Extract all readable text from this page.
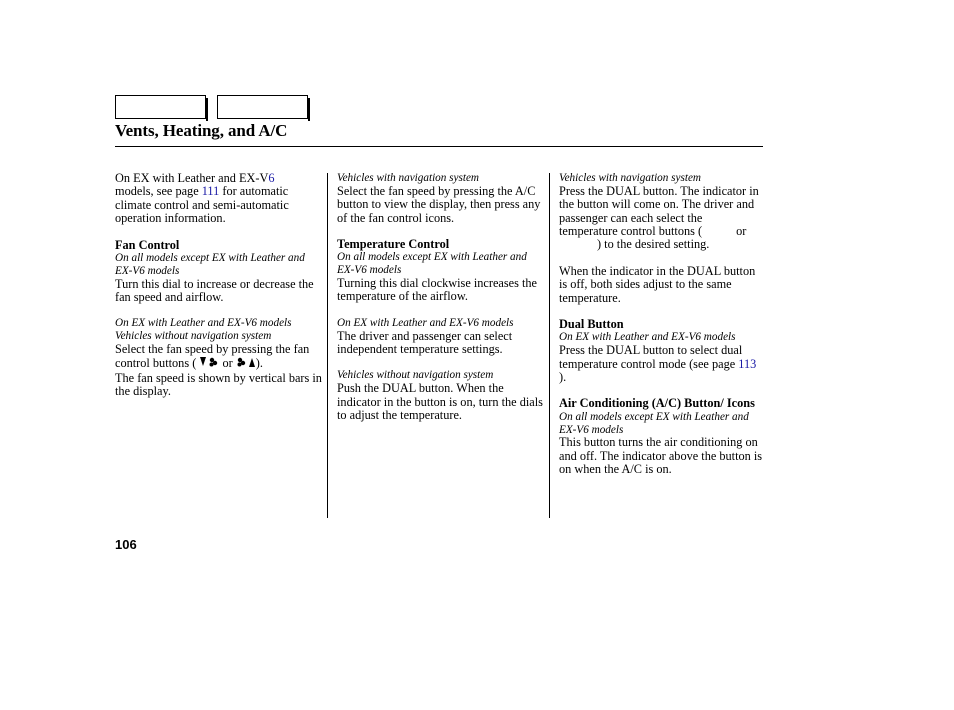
Vents, Heating, and A/C

On EX with Leather and EX-V6
models, see page 111 for automatic climate control and semi-automatic operation information.

Fan Control

On all models except EX with Leather and EX-V6 models

Turn this dial to increase or decrease the fan speed and airflow.

On EX with Leather and EX-V6 models
Vehicles without navigation system

Select the fan speed by pressing the fan control buttons (  or ).

The fan speed is shown by vertical bars in the display.

Vehicles with navigation system

Select the fan speed by pressing the A/C button to view the display, then press any of the fan control icons.

Temperature Control

On all models except EX with Leather and EX-V6 models

Turning this dial clockwise increases the temperature of the airflow.

On EX with Leather and EX-V6 models

The driver and passenger can select independent temperature settings.

Vehicles without navigation system

Push the DUAL button. When the indicator in the button is on, turn the dials to adjust the temperature.

Vehicles with navigation system

Press the DUAL button. The indicator in the button will come on. The driver and passenger can each select the temperature control buttons (	or) to the desired setting.

When the indicator in the DUAL button is off, both sides adjust to the same temperature.

Dual Button

On EX with Leather and EX-V6 models

Press the DUAL button to select dual temperature control mode (see page 113 ).

Air Conditioning (A/C) Button/ Icons

On all models except EX with Leather and EX-V6 models

This button turns the air conditioning on and off. The indicator above the button is on when the A/C is on.

106
